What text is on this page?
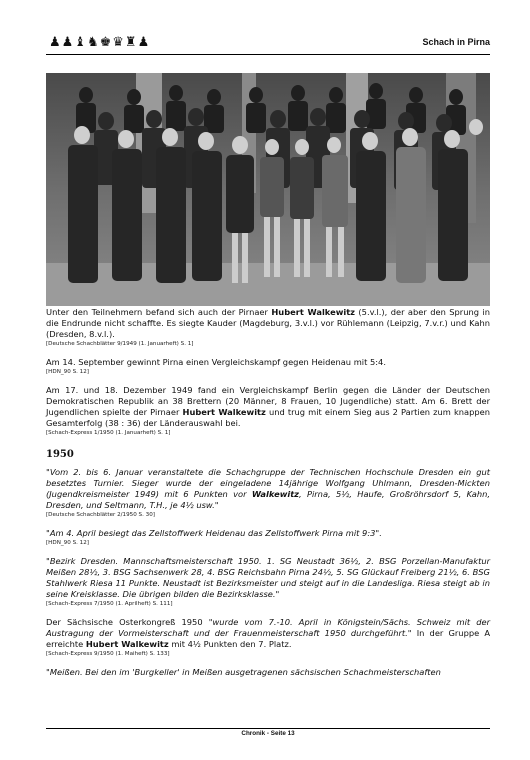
♟♟♝♞♚♛♜♟	Schach in Pirna

Unter den Teilnehmern befand sich auch der Pirnaer Hubert Walkewitz (5.v.l.), der aber den Sprung in die Endrunde nicht schaffte. Es siegte Kauder (Magdeburg, 3.v.l.) vor Rühlemann (Leipzig, 7.v.r.) und Kahn (Dresden, 8.v.l.).

[Deutsche Schachblätter 9/1949 (1. Januarheft) S. 1]

Am 14. September gewinnt Pirna einen Vergleichskampf gegen Heidenau mit 5:4.

[HDN_90 S. 12]

Am 17. und 18. Dezember 1949 fand ein Vergleichskampf Berlin gegen die Länder der Deutschen Demokratischen Republik an 38 Brettern (20 Männer, 8 Frauen, 10 Jugendliche) statt. Am 6. Brett der Jugendlichen spielte der Pirnaer Hubert Walkewitz und trug mit einem Sieg aus 2 Partien zum knappen Gesamterfolg (38 : 36) der Länderauswahl bei.

[Schach-Express 1/1950 (1. Januarheft) S. 1]
1950

"Vom 2. bis 6. Januar veranstaltete die Schachgruppe der Technischen Hochschule Dresden ein gut besetztes Turnier. Sieger wurde der eingeladene 14jährige Wolfgang Uhlmann, Dresden-Mickten (Jugendkreismeister 1949) mit 6 Punkten vor Walkewitz, Pirna, 5½, Haufe, Großröhrsdorf 5, Kahn, Dresden, und Seltmann, T.H., je 4½ usw."

[Deutsche Schachblätter 2/1950 S. 30]

"Am 4. April besiegt das Zellstoffwerk Heidenau das Zellstoffwerk Pirna mit 9:3".

[HDN_90 S. 12]

"Bezirk Dresden. Mannschaftsmeisterschaft 1950. 1. SG Neustadt 36½, 2. BSG Porzellan-Manufaktur Meißen 28½, 3. BSG Sachsenwerk 28, 4. BSG Reichsbahn Pirna 24½, 5. SG Glückauf Freiberg 21½, 6. BSG Stahlwerk Riesa 11 Punkte. Neustadt ist Bezirksmeister und steigt auf in die Landesliga. Riesa steigt ab in seine Kreisklasse. Die übrigen bilden die Bezirksklasse."

[Schach-Express 7/1950 (1. Aprilheft) S. 111]

Der Sächsische Osterkongreß 1950 "wurde vom 7.-10. April in Königstein/Sächs. Schweiz mit der Austragung der Vormeisterschaft und der Frauenmeisterschaft 1950 durchgeführt." In der Gruppe A erreichte Hubert Walkewitz mit 4½ Punkten den 7. Platz.

[Schach-Express 9/1950 (1. Maiheft) S. 133]

"Meißen. Bei den im 'Burgkeller' in Meißen ausgetragenen sächsischen Schachmeisterschaften

Chronik - Seite 13
